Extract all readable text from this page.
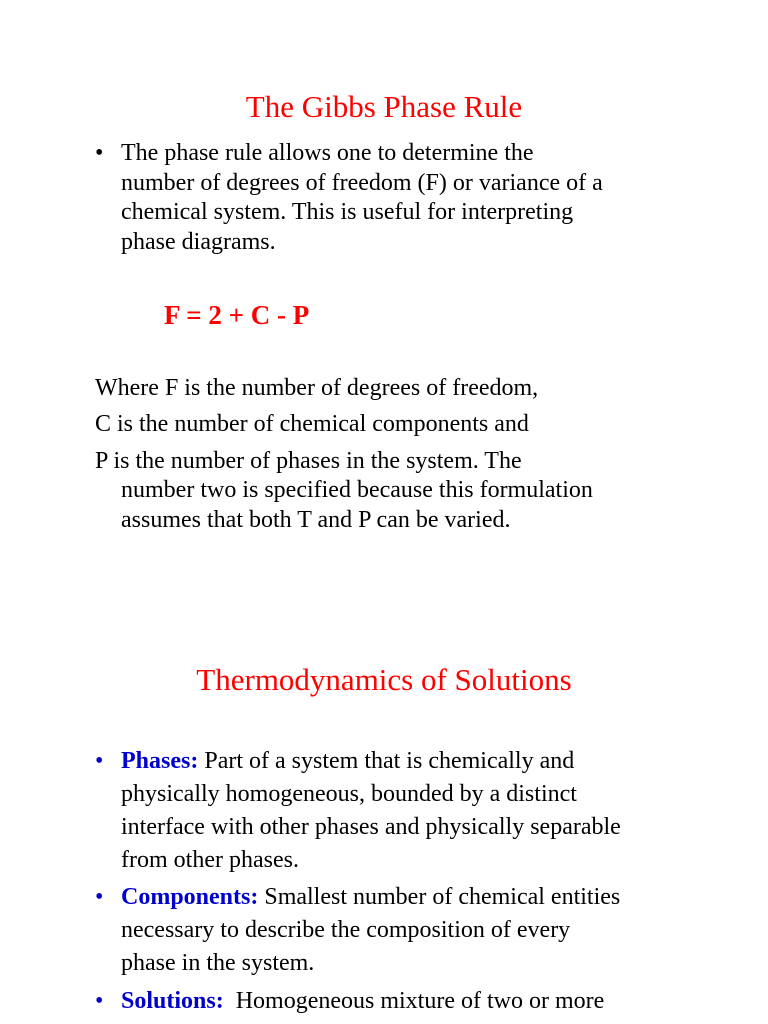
The Gibbs Phase Rule
• The phase rule allows one to determine the
number of degrees of freedom (F) or variance of a
chemical system. This is useful for interpreting
phase diagrams.
F = 2 + C - P

Where F is the number of degrees of freedom,

C is the number of chemical components and

P is the number of phases in the system. The

number two is specified because this formulation
assumes that both T and P can be varied.
Thermodynamics of Solutions
• Phases: Part of a system that is chemically and
physically homogeneous, bounded by a distinct
interface with other phases and physically separable
from other phases.
• Components: Smallest number of chemical entities
necessary to describe the composition of every
phase in the system.
• Solutions:  Homogeneous mixture of two or more
